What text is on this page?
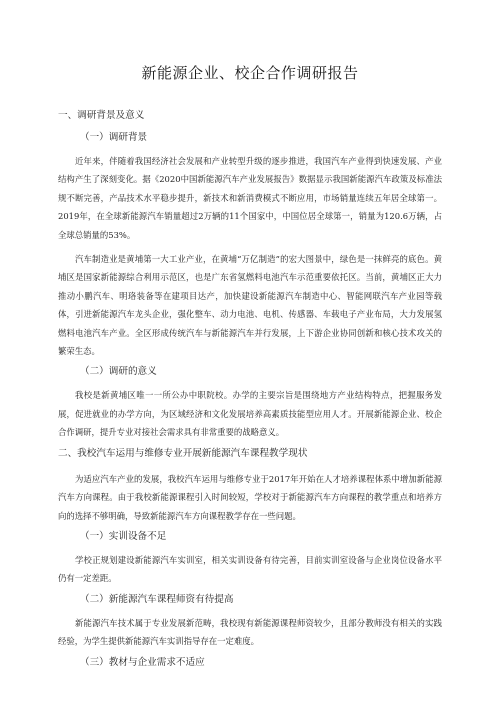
新能源企业、校企合作调研报告
一、调研背景及意义
（一）调研背景

近年来，伴随着我国经济社会发展和产业转型升级的逐步推进，我国汽车产业得到快速发展、产业结构产生了深刻变化。据《2020中国新能源汽车产业发展报告》数据显示我国新能源汽车政策及标准法规不断完善，产品技术水平稳步提升，新技术和新消费模式不断应用，市场销量连续五年居全球第一。2019年，在全球新能源汽车销量超过2万辆的11个国家中，中国位居全球第一，销量为120.6万辆，占全球总销量的53%。

汽车制造业是黄埔第一大工业产业，在黄埔“万亿制造”的宏大图景中，绿色是一抹鲜亮的底色。黄埔区是国家新能源综合利用示范区，也是广东省氢燃料电池汽车示范重要依托区。当前，黄埔区正大力推动小鹏汽车、明珞装备等在建项目达产，加快建设新能源汽车制造中心、智能网联汽车产业园等载体，引进新能源汽车龙头企业，强化整车、动力电池、电机、传感器、车载电子产业布局，大力发展氢燃料电池汽车产业。全区形成传统汽车与新能源汽车并行发展，上下游企业协同创新和核心技术攻关的繁荣生态。

（二）调研的意义

我校是新黄埔区唯一一所公办中职院校。办学的主要宗旨是围绕地方产业结构特点，把握服务发展，促进就业的办学方向，为区域经济和文化发展培养高素质技能型应用人才。开展新能源企业、校企合作调研，提升专业对接社会需求具有非常重要的战略意义。

二、我校汽车运用与维修专业开展新能源汽车课程教学现状

为适应汽车产业的发展，我校汽车运用与维修专业于2017年开始在人才培养课程体系中增加新能源汽车方向课程。由于我校新能源课程引入时间较短，学校对于新能源汽车方向课程的教学重点和培养方向的选择不够明确，导致新能源汽车方向课程教学存在一些问题。

（一）实训设备不足

学校正规划建设新能源汽车实训室，相关实训设备有待完善，目前实训室设备与企业岗位设备水平仍有一定差距。

（二）新能源汽车课程师资有待提高

新能源汽车技术属于专业发展新范畴，我校现有新能源课程师资较少，且部分教师没有相关的实践经验，为学生提供新能源汽车实训指导存在一定难度。

（三）教材与企业需求不适应
